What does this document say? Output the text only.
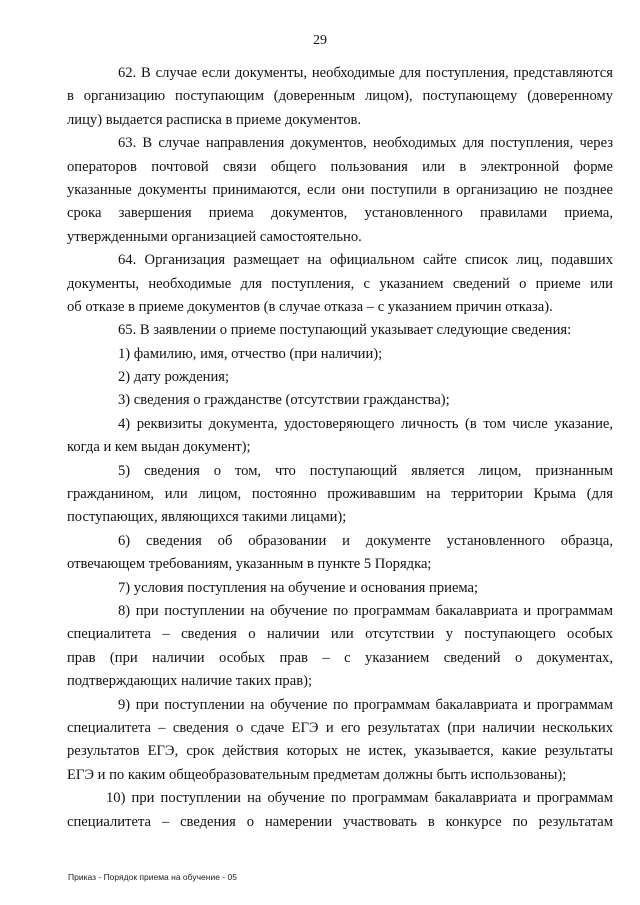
29
62. В случае если документы, необходимые для поступления, представляются
в организацию поступающим (доверенным лицом), поступающему (доверенному
лицу) выдается расписка в приеме документов.
63. В случае направления документов, необходимых для поступления, через
операторов почтовой связи общего пользования или в электронной форме
указанные документы принимаются, если они поступили в организацию не позднее
срока завершения приема документов, установленного правилами приема,
утвержденными организацией самостоятельно.
64. Организация размещает на официальном сайте список лиц, подавших
документы, необходимые для поступления, с указанием сведений о приеме или
об отказе в приеме документов (в случае отказа – с указанием причин отказа).
65. В заявлении о приеме поступающий указывает следующие сведения:
1) фамилию, имя, отчество (при наличии);
2) дату рождения;
3) сведения о гражданстве (отсутствии гражданства);
4) реквизиты документа, удостоверяющего личность (в том числе указание,
когда и кем выдан документ);
5) сведения о том, что поступающий является лицом, признанным
гражданином, или лицом, постоянно проживавшим на территории Крыма (для
поступающих, являющихся такими лицами);
6) сведения об образовании и документе установленного образца,
отвечающем требованиям, указанным в пункте 5 Порядка;
7) условия поступления на обучение и основания приема;
8) при поступлении на обучение по программам бакалавриата и программам
специалитета – сведения о наличии или отсутствии у поступающего особых
прав (при наличии особых прав – с указанием сведений о документах,
подтверждающих наличие таких прав);
9) при поступлении на обучение по программам бакалавриата и программам
специалитета – сведения о сдаче ЕГЭ и его результатах (при наличии нескольких
результатов ЕГЭ, срок действия которых не истек, указывается, какие результаты
ЕГЭ и по каким общеобразовательным предметам должны быть использованы);
10) при поступлении на обучение по программам бакалавриата и программам
специалитета – сведения о намерении участвовать в конкурсе по результатам
Приказ - Порядок приема на обучение - 05
